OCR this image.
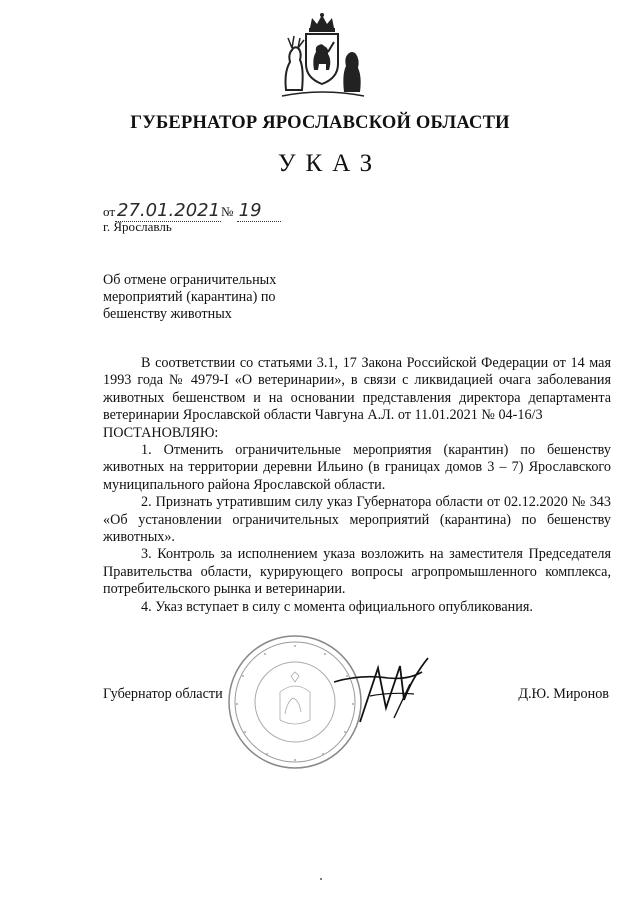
ГУБЕРНАТОР ЯРОСЛАВСКОЙ ОБЛАСТИ
УКАЗ
от 27.01.2021№ 19
г. Ярославль
Об отмене ограничительных
мероприятий (карантина) по
бешенству животных

В соответствии со статьями 3.1, 17 Закона Российской Федерации от 14 мая 1993 года № 4979-I «О ветеринарии», в связи с ликвидацией очага заболевания животных бешенством и на основании представления директора департамента ветеринарии Ярославской области Чавгуна А.Л. от 11.01.2021 № 04-16/3

ПОСТАНОВЛЯЮ:

1. Отменить ограничительные мероприятия (карантин) по бешенству животных на территории деревни Ильино (в границах домов 3 – 7) Ярославского муниципального района Ярославской области.

2. Признать утратившим силу указ Губернатора области от 02.12.2020 № 343 «Об установлении ограничительных мероприятий (карантина) по бешенству животных».

3. Контроль за исполнением указа возложить на заместителя Председателя Правительства области, курирующего вопросы агропромышленного комплекса, потребительского рынка и ветеринарии.

4. Указ вступает в силу с момента официального опубликования.

Губернатор области	Д.Ю. Миронов
